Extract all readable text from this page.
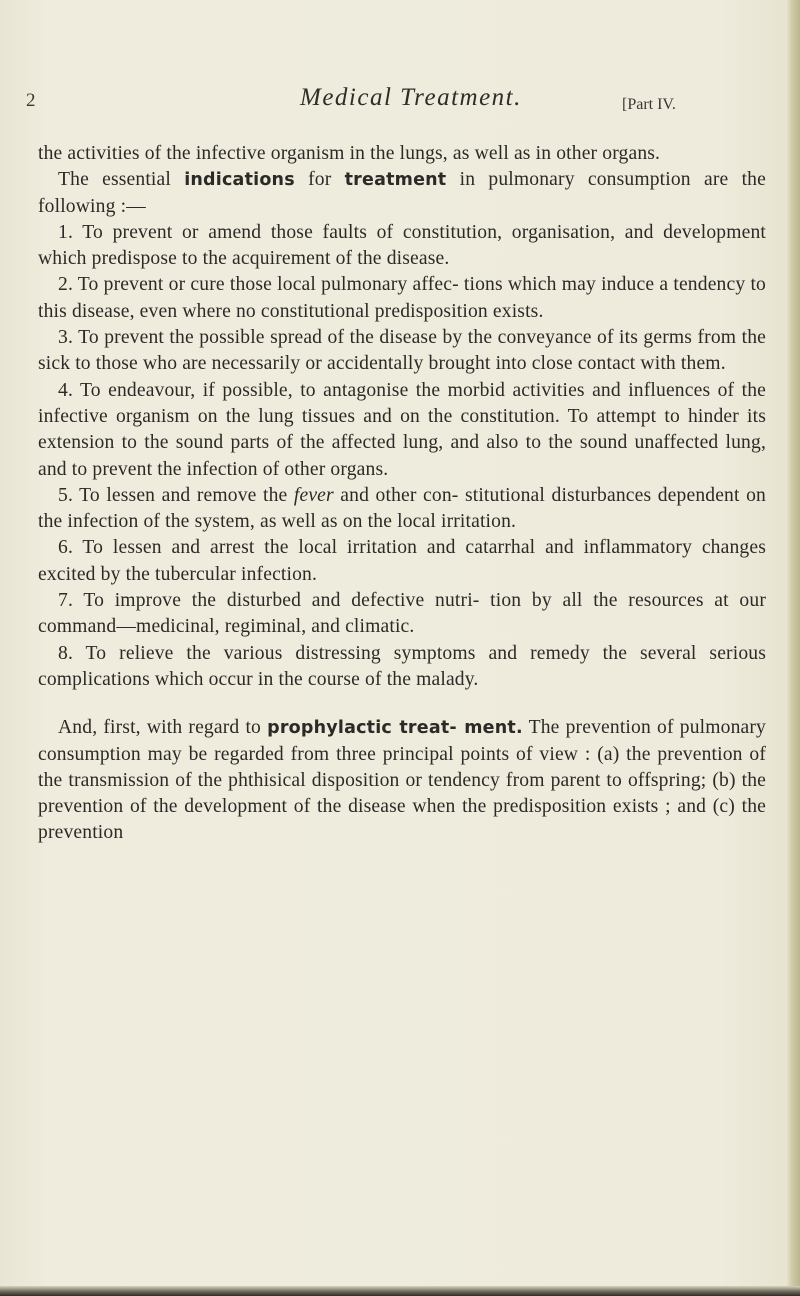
2	Medical Treatment.	[Part IV.

the activities of the infective organism in the lungs, as well as in other organs.

The essential indications for treatment in pulmonary consumption are the following :—

1. To prevent or amend those faults of constitution, organisation, and development which predispose to the acquirement of the disease.

2. To prevent or cure those local pulmonary affec- tions which may induce a tendency to this disease, even where no constitutional predisposition exists.

3. To prevent the possible spread of the disease by the conveyance of its germs from the sick to those who are necessarily or accidentally brought into close contact with them.

4. To endeavour, if possible, to antagonise the morbid activities and influences of the infective organism on the lung tissues and on the constitution. To attempt to hinder its extension to the sound parts of the affected lung, and also to the sound unaffected lung, and to prevent the infection of other organs.

5. To lessen and remove the fever and other con- stitutional disturbances dependent on the infection of the system, as well as on the local irritation.

6. To lessen and arrest the local irritation and catarrhal and inflammatory changes excited by the tubercular infection.

7. To improve the disturbed and defective nutri- tion by all the resources at our command—medicinal, regiminal, and climatic.

8. To relieve the various distressing symptoms and remedy the several serious complications which occur in the course of the malady.

And, first, with regard to prophylactic treat- ment. The prevention of pulmonary consumption may be regarded from three principal points of view : (a) the prevention of the transmission of the phthisical disposition or tendency from parent to offspring; (b) the prevention of the development of the disease when the predisposition exists ; and (c) the prevention
